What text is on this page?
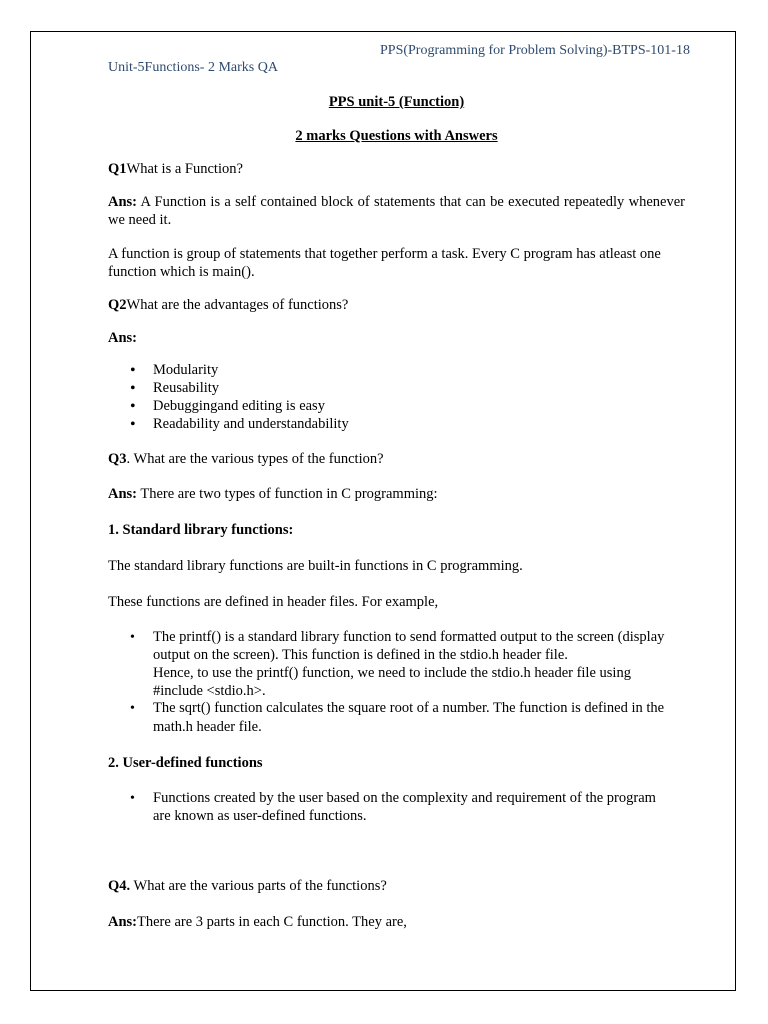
PPS(Programming for Problem Solving)-BTPS-101-18
Unit-5Functions- 2 Marks QA
PPS unit-5 (Function)
2 marks Questions with Answers
Q1What is a Function?
Ans: A Function is a self contained block of statements that can be executed repeatedly whenever we need it.
A function is group of statements that together perform a task. Every C program has atleast one function which is main().
Q2What are the advantages of functions?
Ans:
• Modularity
• Reusability
• Debuggingand editing is easy
• Readability and understandability
Q3. What are the various types of the function?
Ans: There are two types of function in C programming:
1. Standard library functions:
The standard library functions are built-in functions in C programming.
These functions are defined in header files. For example,
• The printf() is a standard library function to send formatted output to the screen (display
output on the screen). This function is defined in the stdio.h header file.
Hence, to use the printf() function, we need to include the stdio.h header file using
#include <stdio.h>.
• The sqrt() function calculates the square root of a number. The function is defined in the
math.h header file.
2. User-defined functions
• Functions created by the user based on the complexity and requirement of the program
are known as user-defined functions.
Q4. What are the various parts of the functions?
Ans:There are 3 parts in each C function. They are,
